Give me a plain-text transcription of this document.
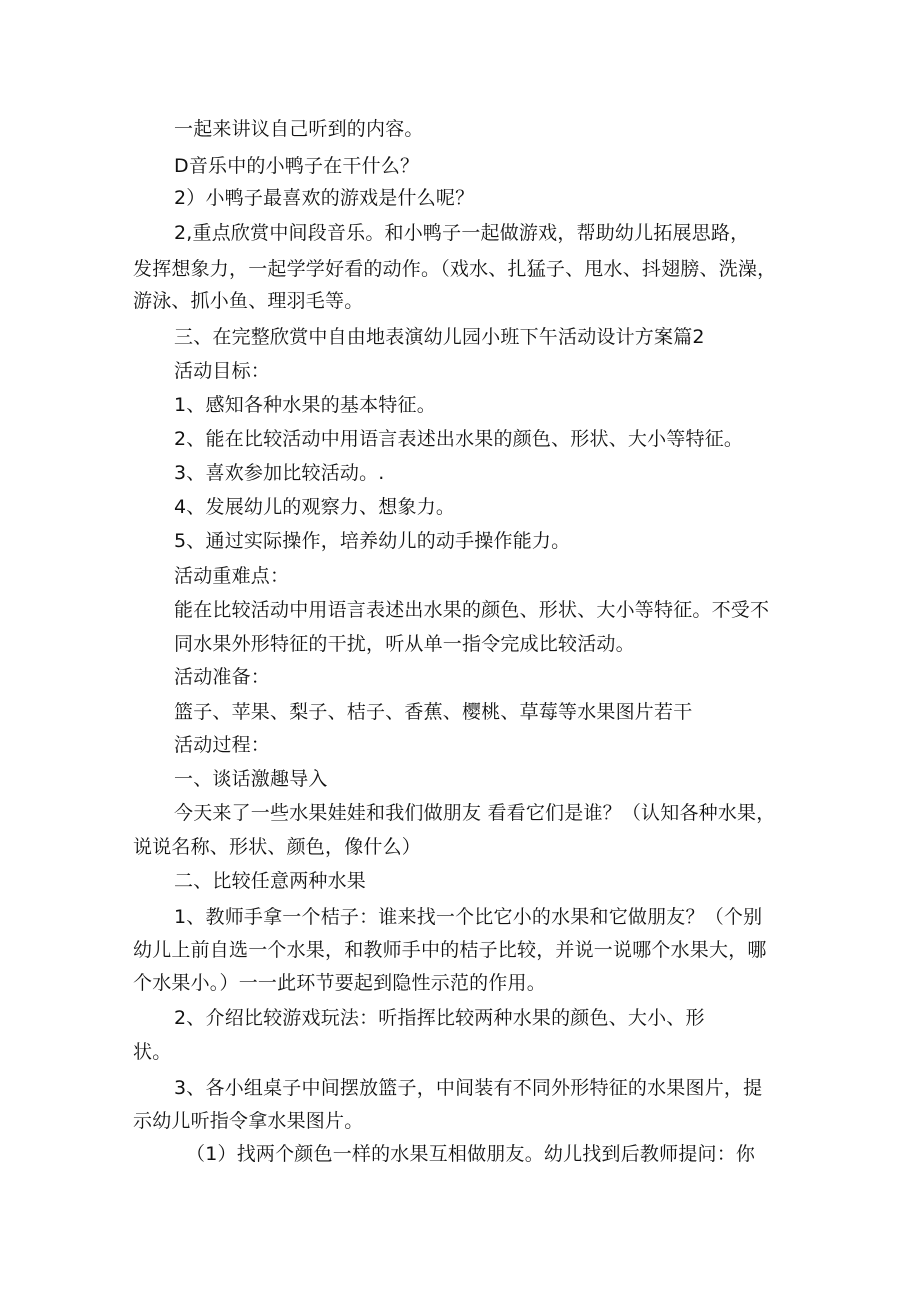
一起来讲议自己听到的内容。
D音乐中的小鸭子在干什么？
2）小鸭子最喜欢的游戏是什么呢？
2,重点欣赏中间段音乐。和小鸭子一起做游戏，帮助幼儿拓展思路，
发挥想象力，一起学学好看的动作。（戏水、扎猛子、甩水、抖翅膀、洗澡，
游泳、抓小鱼、理羽毛等。
三、在完整欣赏中自由地表演幼儿园小班下午活动设计方案篇2
活动目标：
1、感知各种水果的基本特征。
2、能在比较活动中用语言表述出水果的颜色、形状、大小等特征。
3、喜欢参加比较活动。.
4、发展幼儿的观察力、想象力。
5、通过实际操作，培养幼儿的动手操作能力。
活动重难点：
能在比较活动中用语言表述出水果的颜色、形状、大小等特征。不受不
同水果外形特征的干扰，听从单一指令完成比较活动。
活动准备：
篮子、苹果、梨子、桔子、香蕉、樱桃、草莓等水果图片若干
活动过程：
一、谈话激趣导入
今天来了一些水果娃娃和我们做朋友 看看它们是谁？（认知各种水果，
说说名称、形状、颜色，像什么）
二、比较任意两种水果
1、教师手拿一个桔子：谁来找一个比它小的水果和它做朋友？（个别
幼儿上前自选一个水果，和教师手中的桔子比较，并说一说哪个水果大，哪
个水果小。）一一此环节要起到隐性示范的作用。
2、介绍比较游戏玩法：听指挥比较两种水果的颜色、大小、形
状。
3、各小组桌子中间摆放篮子，中间装有不同外形特征的水果图片，提
示幼儿听指令拿水果图片。
（1）找两个颜色一样的水果互相做朋友。幼儿找到后教师提问：你
